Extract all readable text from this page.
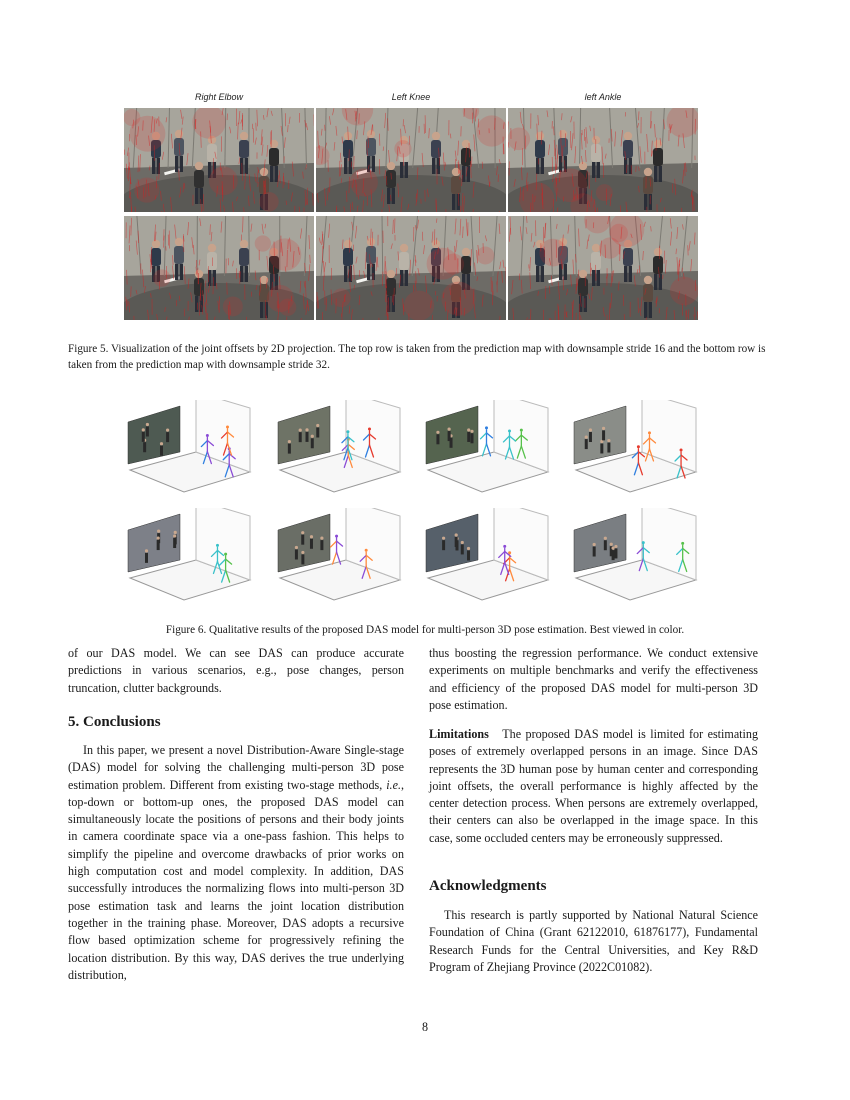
Right Elbow	Left Knee	left Ankle
Figure 5. Visualization of the joint offsets by 2D projection. The top row is taken from the prediction map with downsample stride 16 and the bottom row is taken from the prediction map with downsample stride 32.
Figure 6. Qualitative results of the proposed DAS model for multi-person 3D pose estimation. Best viewed in color.

of our DAS model. We can see DAS can produce accurate predictions in various scenarios, e.g., pose changes, person truncation, clutter backgrounds.

5. Conclusions

In this paper, we present a novel Distribution-Aware Single-stage (DAS) model for solving the challenging multi-person 3D pose estimation problem. Different from existing two-stage methods, i.e., top-down or bottom-up ones, the proposed DAS model can simultaneously locate the positions of persons and their body joints in camera coordinate space via a one-pass fashion. This helps to simplify the pipeline and overcome drawbacks of prior works on high computation cost and model complexity. In addition, DAS successfully introduces the normalizing flows into multi-person 3D pose estimation task and learns the joint location distribution together in the training phase. Moreover, DAS adopts a recursive flow based optimization scheme for progressively refining the location distribution. By this way, DAS derives the true underlying distribution,

thus boosting the regression performance. We conduct extensive experiments on multiple benchmarks and verify the effectiveness and efficiency of the proposed DAS model for multi-person 3D pose estimation.

Limitations The proposed DAS model is limited for estimating poses of extremely overlapped persons in an image. Since DAS represents the 3D human pose by human center and corresponding joint offsets, the overall performance is highly affected by the center detection process. When persons are extremely overlapped, their centers can also be overlapped in the image space. In this case, some occluded centers may be erroneously suppressed.

Acknowledgments

This research is partly supported by National Natural Science Foundation of China (Grant 62122010, 61876177), Fundamental Research Funds for the Central Universities, and Key R&D Program of Zhejiang Province (2022C01082).

8
